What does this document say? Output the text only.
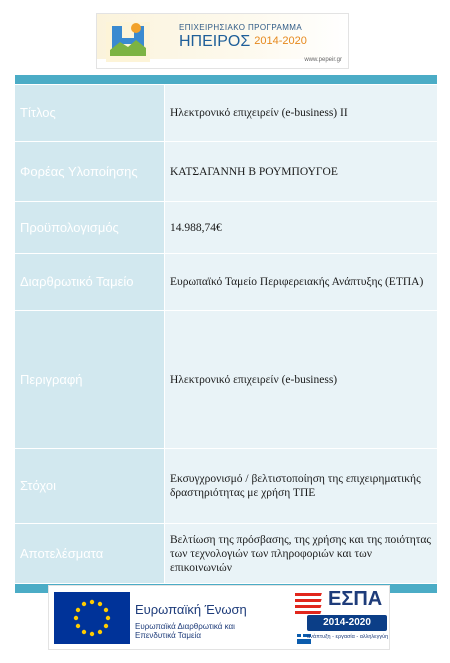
ΕΠΙΧΕΙΡΗΣΙΑΚΟ ΠΡΟΓΡΑΜΜΑ
ΗΠΕΙΡΟΣ 2014-2020
www.pepeir.gr

Τίτλος	Ηλεκτρονικό επιχειρείν (e-business) ΙΙ
Φορέας Υλοποίησης	ΚΑΤΣΑΓΑΝΝΗ Β ΡΟΥΜΠΟΥΓΟΕ
Προϋπολογισμός	14.988,74€
Διαρθρωτικό Ταμείο	Ευρωπαϊκό Ταμείο Περιφερειακής Ανάπτυξης (ΕΤΠΑ)
Περιγραφή	Ηλεκτρονικό επιχειρείν (e-business)
Στόχοι	Εκσυγχρονισμό / βελτιστοποίηση της επιχειρηματικής δραστηριότητας με χρήση ΤΠΕ
Αποτελέσματα	Βελτίωση της πρόσβασης, της χρήσης και της ποιότητας των τεχνολογιών των πληροφοριών και των επικοινωνιών

Ευρωπαϊκή Ένωση
Ευρωπαϊκά Διαρθρωτικά και Επενδυτικά Ταμεία
ΕΣΠΑ
2014-2020
ανάπτυξη - εργασία - αλληλεγγύη
